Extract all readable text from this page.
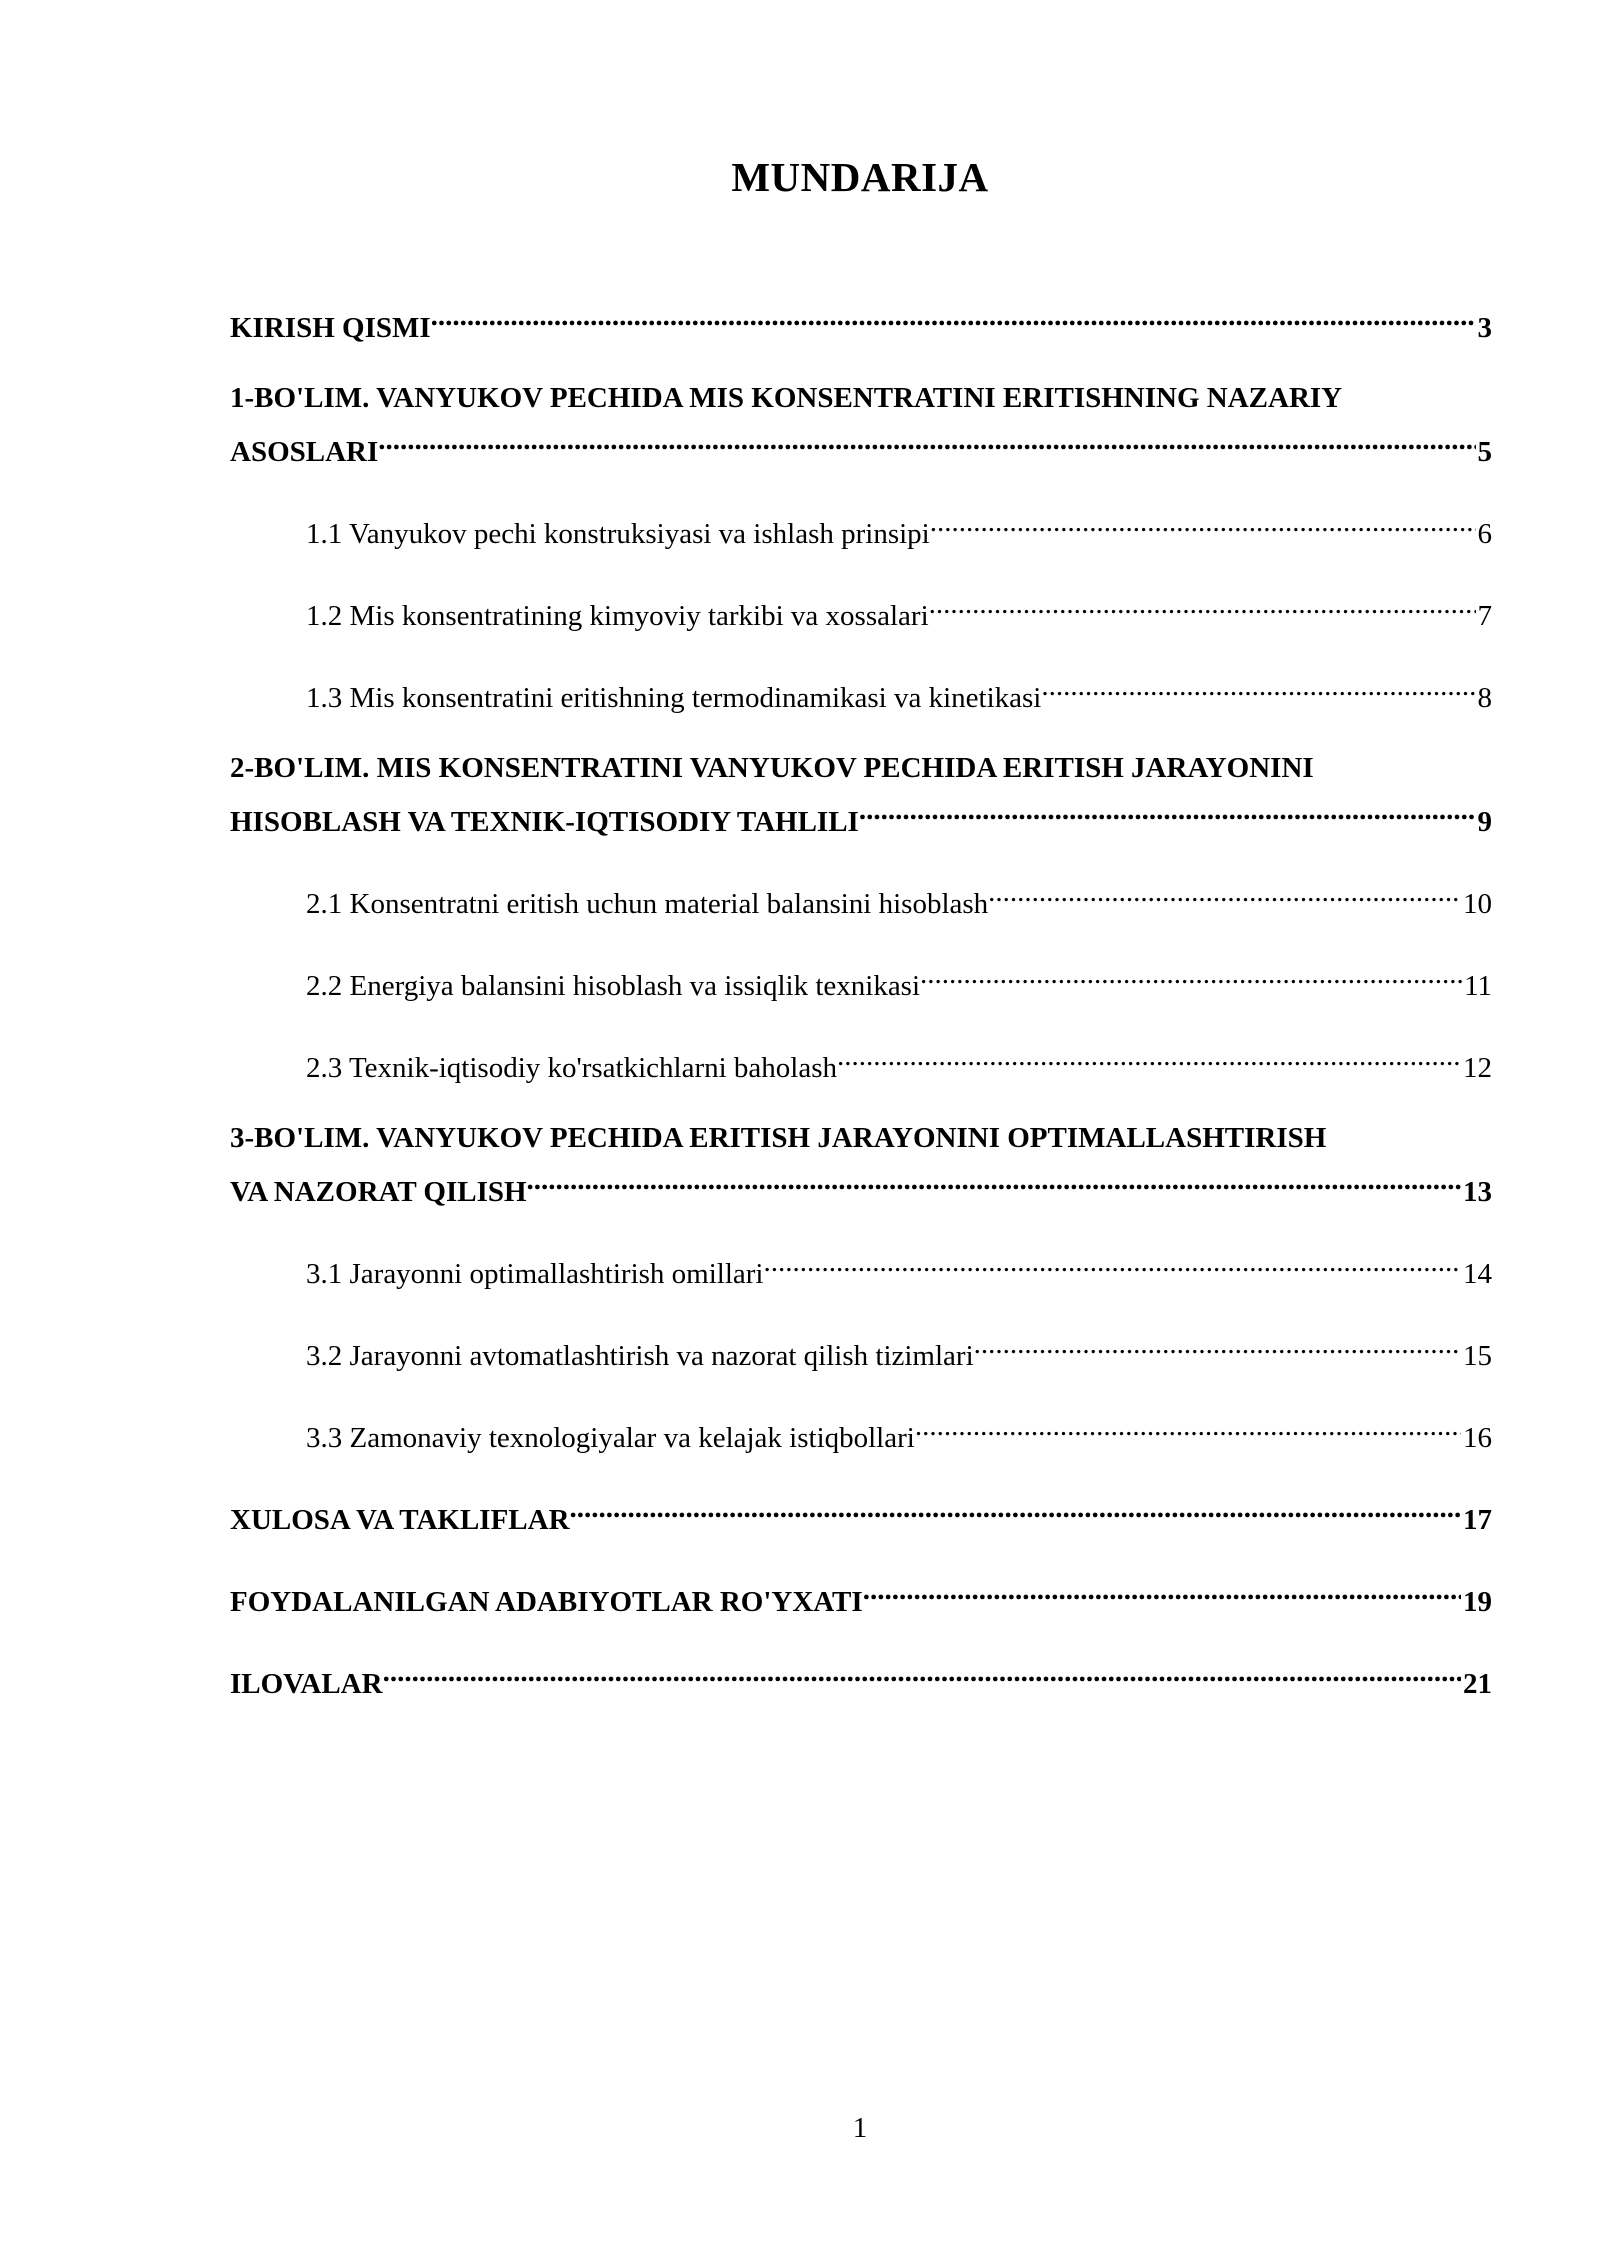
MUNDARIJA
KIRISH QISMI .....	3
1-BO'LIM. VANYUKOV PECHIDA MIS KONSENTRATINI ERITISHNING NAZARIY
ASOSLARI .....	5
1.1 Vanyukov pechi konstruksiyasi va ishlash prinsipi .....	6
1.2 Mis konsentratining kimyoviy tarkibi va xossalari .....	7
1.3 Mis konsentratini eritishning termodinamikasi va kinetikasi .....	8
2-BO'LIM. MIS KONSENTRATINI VANYUKOV PECHIDA ERITISH JARAYONINI
HISOBLASH VA TEXNIK-IQTISODIY TAHLILI .....	9
2.1 Konsentratni eritish uchun material balansini hisoblash .....	10
2.2 Energiya balansini hisoblash va issiqlik texnikasi .....	11
2.3 Texnik-iqtisodiy ko'rsatkichlarni baholash .....	12
3-BO'LIM. VANYUKOV PECHIDA ERITISH JARAYONINI OPTIMALLASHTIRISH
VA NAZORAT QILISH .....	13
3.1 Jarayonni optimallashtirish omillari .....	14
3.2 Jarayonni avtomatlashtirish va nazorat qilish tizimlari .....	15
3.3 Zamonaviy texnologiyalar va kelajak istiqbollari .....	16
XULOSA VA TAKLIFLAR .....	17
FOYDALANILGAN ADABIYOTLAR RO'YXATI .....	19
ILOVALAR .....	21
1
